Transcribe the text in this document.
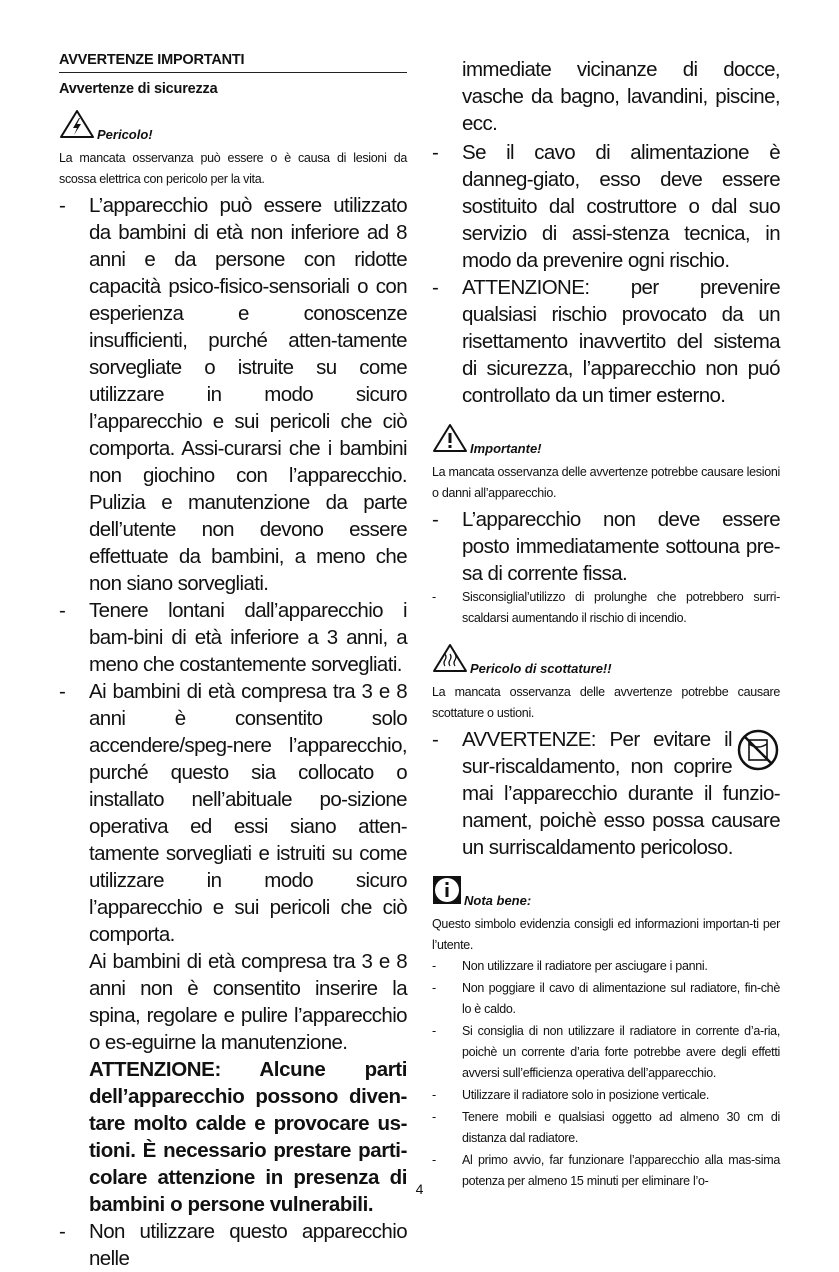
AVVERTENZE IMPORTANTI
Avvertenze di sicurezza
Pericolo!
La mancata osservanza può essere o è causa di lesioni da scossa elettrica con pericolo per la vita.
- L’apparecchio può essere utilizzato da bambini di età non inferiore ad 8 anni e da persone con ridotte capacità psico-fisico-sensoriali o con esperienza e conoscenze insufficienti, purché atten-tamente sorvegliate o istruite su come utilizzare in modo sicuro l’apparecchio e sui pericoli che ciò comporta. Assi-curarsi che i bambini non giochino con l’apparecchio. Pulizia e manutenzione da parte dell’utente non devono essere effettuate da bambini, a meno che non siano sorvegliati.
- Tenere lontani dall’apparecchio i bam-bini di età inferiore a 3 anni, a meno che costantemente sorvegliati.
- Ai bambini di età compresa tra 3 e 8 anni è consentito solo accendere/speg-nere l’apparecchio, purché questo sia collocato o installato nell’abituale po-sizione operativa ed essi siano atten-tamente sorvegliati e istruiti su come utilizzare in modo sicuro l’apparecchio e sui pericoli che ciò comporta.

Ai bambini di età compresa tra 3 e 8 anni non è consentito inserire la spina, regolare e pulire l’apparecchio o es-eguirne la manutenzione.

ATTENZIONE: Alcune parti dell’apparecchio possono diven-tare molto calde e provocare us-tioni. È necessario prestare parti-colare attenzione in presenza di bambini o persone vulnerabili.

- Non utilizzare questo apparecchio nelle
immediate vicinanze di docce, vasche da bagno, lavandini, piscine, ecc.
- Se il cavo di alimentazione è danneg-giato, esso deve essere sostituito dal costruttore o dal suo servizio di assi-stenza tecnica, in modo da prevenire ogni rischio.
- ATTENZIONE: per prevenire qualsiasi rischio provocato da un risettamento inavvertito del sistema di sicurezza, l’apparecchio non puó controllato da un timer esterno.
Importante!
La mancata osservanza delle avvertenze potrebbe causare lesioni o danni all’apparecchio.
- L’apparecchio non deve essere posto immediatamente sottouna pre-sa di corrente fissa.
- Sisconsiglial’utilizzo di prolunghe che potrebbero surri-scaldarsi aumentando il rischio di incendio.
Pericolo di scottature!!
La mancata osservanza delle avvertenze potrebbe causare scottature o ustioni.
- AVVERTENZE: Per evitare il sur-riscaldamento, non coprire mai l’apparecchio durante il funzio-nament, poichè esso possa causare un surriscaldamento pericoloso.
Nota bene:
Questo simbolo evidenzia consigli ed informazioni importan-ti per l’utente.
- Non utilizzare il radiatore per asciugare i panni.
- Non poggiare il cavo di alimentazione sul radiatore, fin-chè lo è caldo.
- Si consiglia di non utilizzare il radiatore in corrente d’a-ria, poichè un corrente d’aria forte potrebbe avere degli effetti avversi sull’efficienza operativa dell’apparecchio.
- Utilizzare il radiatore solo in posizione verticale.
- Tenere mobili e qualsiasi oggetto ad almeno 30 cm di distanza dal radiatore.
- Al primo avvio, far funzionare l’apparecchio alla mas-sima potenza per almeno 15 minuti per eliminare l’o-
4
